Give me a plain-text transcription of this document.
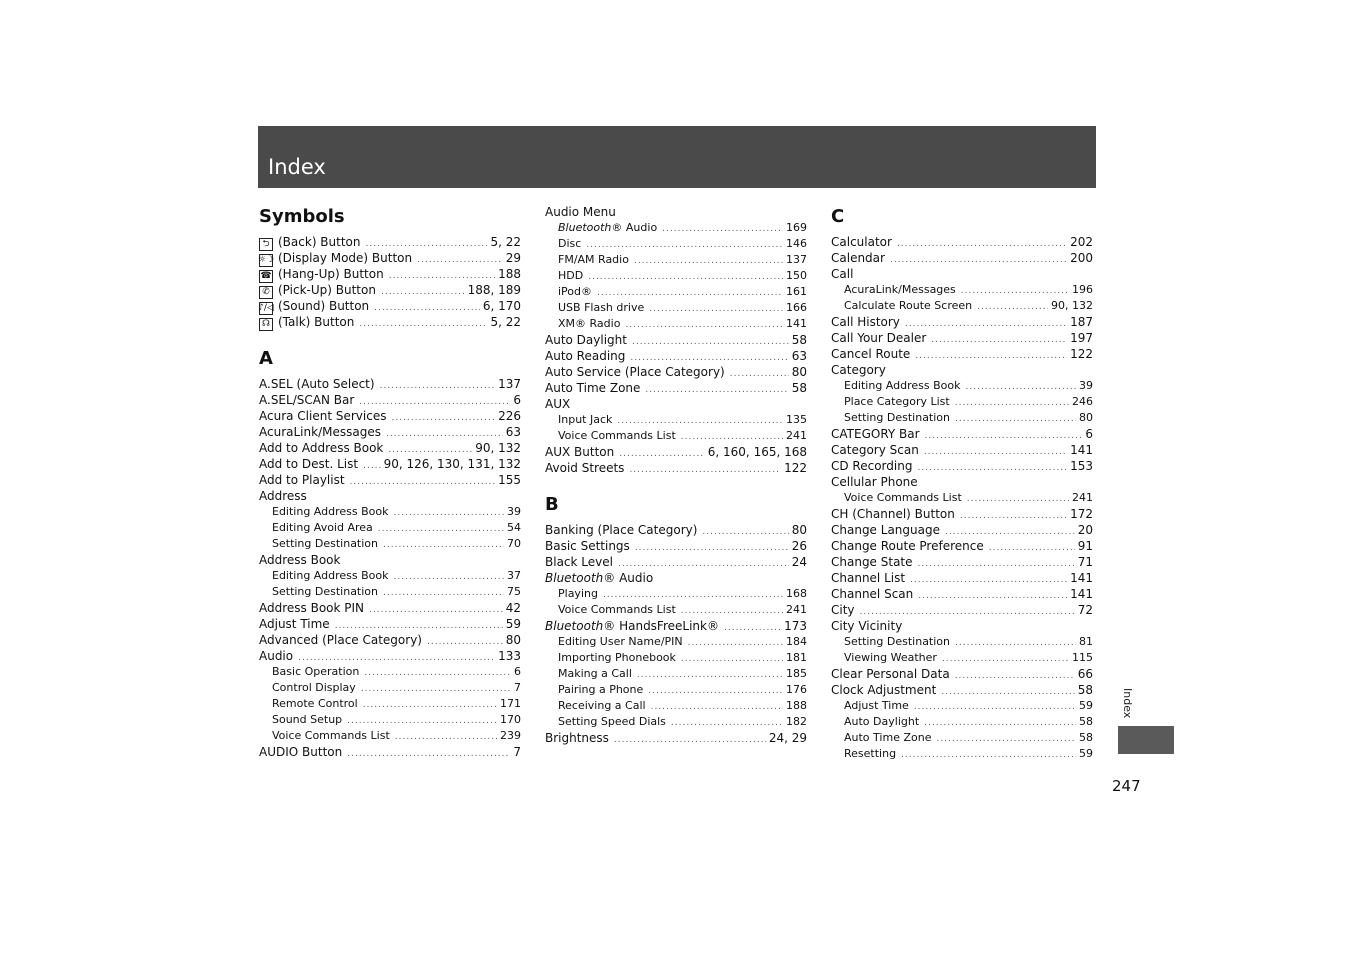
Index
Symbols
⮌ (Back) Button .....	5, 22
☼☽ (Display Mode) Button .....	29
☎ (Hang-Up) Button .....	188
✆ (Pick-Up) Button .....	188, 189
♪/◁ (Sound) Button .....	6, 170
☊ (Talk) Button .....	5, 22
A
A.SEL (Auto Select) .....	137
A.SEL/SCAN Bar .....	6
Acura Client Services .....	226
AcuraLink/Messages .....	63
Add to Address Book .....	90, 132
Add to Dest. List ..... 90, 126, 130, 131, 132
Add to Playlist .....	155
Address
Editing Address Book .....	39
Editing Avoid Area .....	54
Setting Destination .....	70
Address Book
Editing Address Book .....	37
Setting Destination .....	75
Address Book PIN .....	42
Adjust Time .....	59
Advanced (Place Category) .....	80
Audio .....	133
Basic Operation .....	6
Control Display .....	7
Remote Control .....	171
Sound Setup .....	170
Voice Commands List .....	239
AUDIO Button .....	7
Audio Menu
Bluetooth® Audio .....	169
Disc .....	146
FM/AM Radio .....	137
HDD .....	150
iPod® .....	161
USB Flash drive .....	166
XM® Radio .....	141
Auto Daylight .....	58
Auto Reading .....	63
Auto Service (Place Category) .....	80
Auto Time Zone .....	58
AUX
Input Jack .....	135
Voice Commands List .....	241
AUX Button .....	6, 160, 165, 168
Avoid Streets .....	122
B
Banking (Place Category) .....	80
Basic Settings .....	26
Black Level .....	24
Bluetooth® Audio
Playing .....	168
Voice Commands List .....	241
Bluetooth® HandsFreeLink® .....	173
Editing User Name/PIN .....	184
Importing Phonebook .....	181
Making a Call .....	185
Pairing a Phone .....	176
Receiving a Call .....	188
Setting Speed Dials .....	182
Brightness .....	24, 29
C
Calculator .....	202
Calendar .....	200
Call
AcuraLink/Messages .....	196
Calculate Route Screen .....	90, 132
Call History .....	187
Call Your Dealer .....	197
Cancel Route .....	122
Category
Editing Address Book .....	39
Place Category List .....	246
Setting Destination .....	80
CATEGORY Bar .....	6
Category Scan .....	141
CD Recording .....	153
Cellular Phone
Voice Commands List .....	241
CH (Channel) Button .....	172
Change Language .....	20
Change Route Preference .....	91
Change State .....	71
Channel List .....	141
Channel Scan .....	141
City .....	72
City Vicinity
Setting Destination .....	81
Viewing Weather .....	115
Clear Personal Data .....	66
Clock Adjustment .....	58
Adjust Time .....	59
Auto Daylight .....	58
Auto Time Zone .....	58
Resetting .....	59
Index
247
